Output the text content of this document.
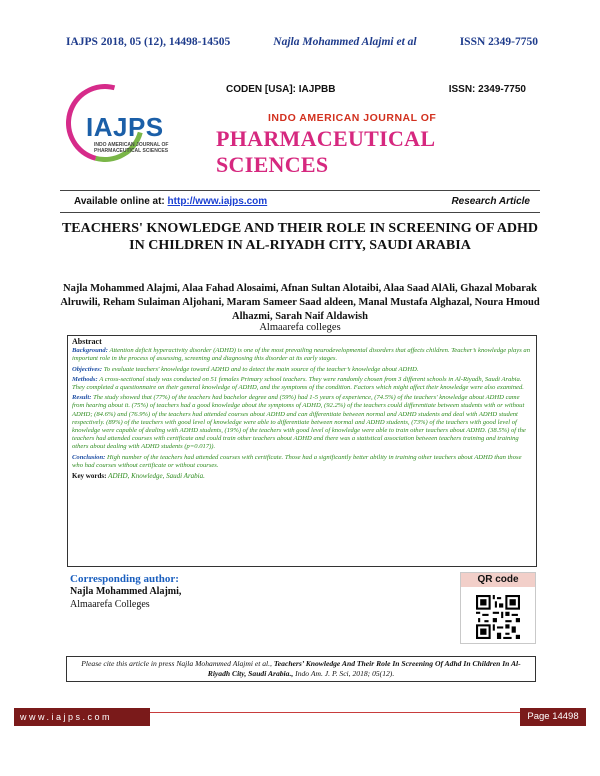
IAJPS 2018, 05 (12), 14498-14505	Najla Mohammed Alajmi et al	ISSN 2349-7750
IAJPS
INDO AMERICAN JOURNAL OF PHARMACEUTICAL SCIENCES
CODEN [USA]: IAJPBB	ISSN: 2349-7750
INDO AMERICAN JOURNAL OF
PHARMACEUTICAL SCIENCES
Available online at: http://www.iajps.com	Research Article
TEACHERS' KNOWLEDGE AND THEIR ROLE IN SCREENING OF ADHD IN CHILDREN IN AL-RIYADH CITY, SAUDI ARABIA
Najla Mohammed Alajmi, Alaa Fahad Alosaimi, Afnan Sultan Alotaibi, Alaa Saad AlAli, Ghazal Mobarak Alruwili, Reham Sulaiman Aljohani, Maram Sameer Saad aldeen, Manal Mustafa Alghazal, Noura Hmoud Alhazmi, Sarah Naif Aldawish
Almaarefa colleges
Abstract

Background: Attention deficit hyperactivity disorder (ADHD) is one of the most prevailing neurodevelopmental disorders that affects children. Teacher’s knowledge plays an important role in the process of assessing, screening and diagnosing this disorder at its early stages.

Objectives: To evaluate teachers' knowledge toward ADHD and to detect the main source of the teacher’s knowledge about ADHD.

Methods: A cross-sectional study was conducted on 51 females Primary school teachers. They were randomly chosen from 3 different schools in Al-Riyadh, Saudi Arabia. They completed a questionnaire on their general knowledge of ADHD, and the symptoms of the condition. Factors which might affect their knowledge were also examined.

Result: The study showed that (77%) of the teachers had bachelor degree and (59%) had 1-5 years of experience, (74.5%) of the teachers' knowledge about ADHD came from hearing about it. (75%) of teachers had a good knowledge about the symptoms of ADHD, (92.2%) of the teachers could differentiate between students with or without ADHD; (84.6%) and (76.9%) of the teachers had attended courses about ADHD and can differentiate between normal and ADHD students and deal with ADHD student respectively. (89%) of the teachers with good level of knowledge were able to differentiate between normal and ADHD students, (73%) of the teachers with good level of knowledge were capable of dealing with ADHD students, (19%) of the teachers with good level of knowledge were able to train other teachers about ADHD. (38.5%) of the teachers had attended courses with certificate and could train other teachers about ADHD and there was a statistical association between teachers training and training others about dealing with ADHD students (p=0.017)).

Conclusion: High number of the teachers had attended courses with certificate. Those had a significantly better ability in training other teachers about ADHD than those who had courses without certificate or without courses.

Key words: ADHD, Knowledge, Saudi Arabia.
Corresponding author:
Najla Mohammed Alajmi,
Almaarefa Colleges
QR code
Please cite this article in press Najla Mohammed Alajmi et al., Teachers’ Knowledge And Their Role In Screening Of Adhd In Children In Al-Riyadh City, Saudi Arabia., Indo Am. J. P. Sci, 2018; 05(12).
www.iajps.com	Page 14498
